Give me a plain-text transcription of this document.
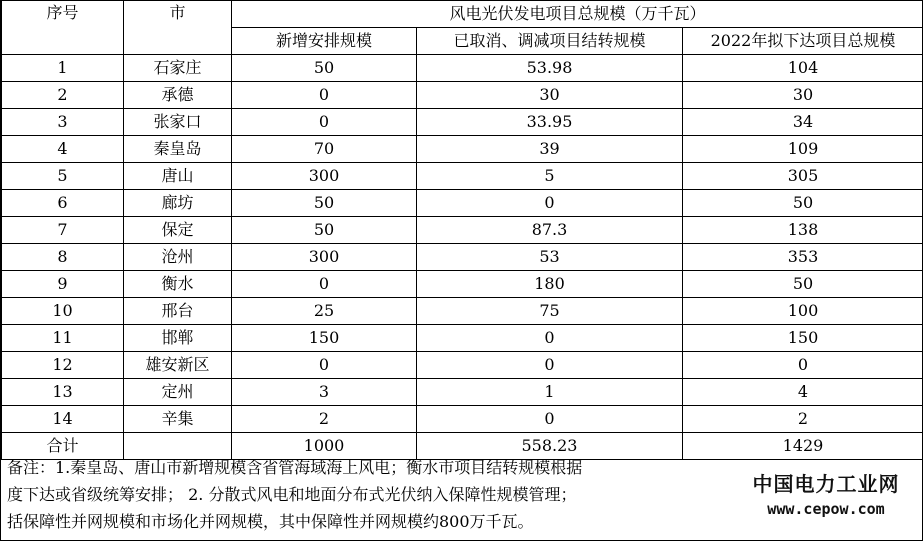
序号	市	风电光伏发电项目总规模（万千瓦）		
		新增安排规模	已取消、调减项目结转规模	2022年拟下达项目总规模
1	石家庄	50	53.98	104
2	承德	0	30	30
3	张家口	0	33.95	34
4	秦皇岛	70	39	109
5	唐山	300	5	305
6	廊坊	50	0	50
7	保定	50	87.3	138
8	沧州	300	53	353
9	衡水	0	180	50
10	邢台	25	75	100
11	邯郸	150	0	150
12	雄安新区	0	0	0
13	定州	3	1	4
14	辛集	2	0	2
合计		1000	558.23	1429

备注：1.秦皇岛、唐山市新增规模含省管海域海上风电；衡水市项目结转规模根据

度下达或省级统筹安排； 2. 分散式风电和地面分布式光伏纳入保障性规模管理；

括保障性并网规模和市场化并网规模，其中保障性并网规模约800万千瓦。

中国电力工业网
www.cepow.com
